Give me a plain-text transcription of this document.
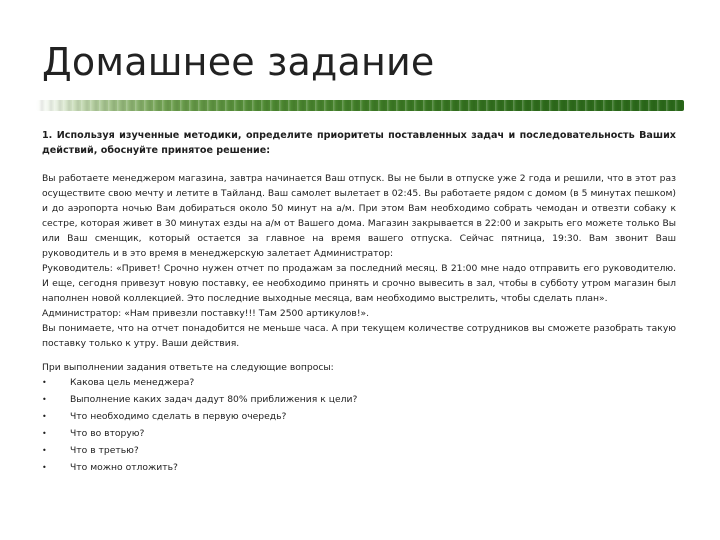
Домашнее задание

1. Используя изученные методики, определите приоритеты поставленных задач и последовательность Ваших действий, обоснуйте принятое решение:

Вы работаете менеджером магазина, завтра начинается Ваш отпуск. Вы не были в отпуске уже 2 года и решили, что в этот раз осуществите свою мечту и летите в Тайланд. Ваш самолет вылетает в 02:45. Вы работаете рядом с домом (в 5 минутах пешком) и до аэропорта ночью Вам добираться около 50 минут на а/м. При этом Вам необходимо собрать чемодан и отвезти собаку к сестре, которая живет в 30 минутах езды на а/м от Вашего дома. Магазин закрывается в 22:00 и закрыть его можете только Вы или Ваш сменщик, который остается за главное на время вашего отпуска. Сейчас пятница, 19:30. Вам звонит Ваш руководитель и в это время в менеджерскую залетает Администратор:

Руководитель: «Привет! Срочно нужен отчет по продажам за последний месяц. В 21:00 мне надо отправить его руководителю. И еще, сегодня привезут новую поставку, ее необходимо принять и срочно вывесить в зал, чтобы в субботу утром магазин был наполнен новой коллекцией. Это последние выходные месяца, вам необходимо выстрелить, чтобы сделать план».

Администратор: «Нам привезли поставку!!! Там 2500 артикулов!».

Вы понимаете, что на отчет понадобится не меньше часа. А при текущем количестве сотрудников вы сможете разобрать такую поставку только к утру. Ваши действия.

При выполнении задания ответьте на следующие вопросы:

•	Какова цель менеджера?
•	Выполнение каких задач дадут 80% приближения к цели?
•	Что необходимо сделать в первую очередь?
•	Что во вторую?
•	Что в третью?
•	Что можно отложить?
